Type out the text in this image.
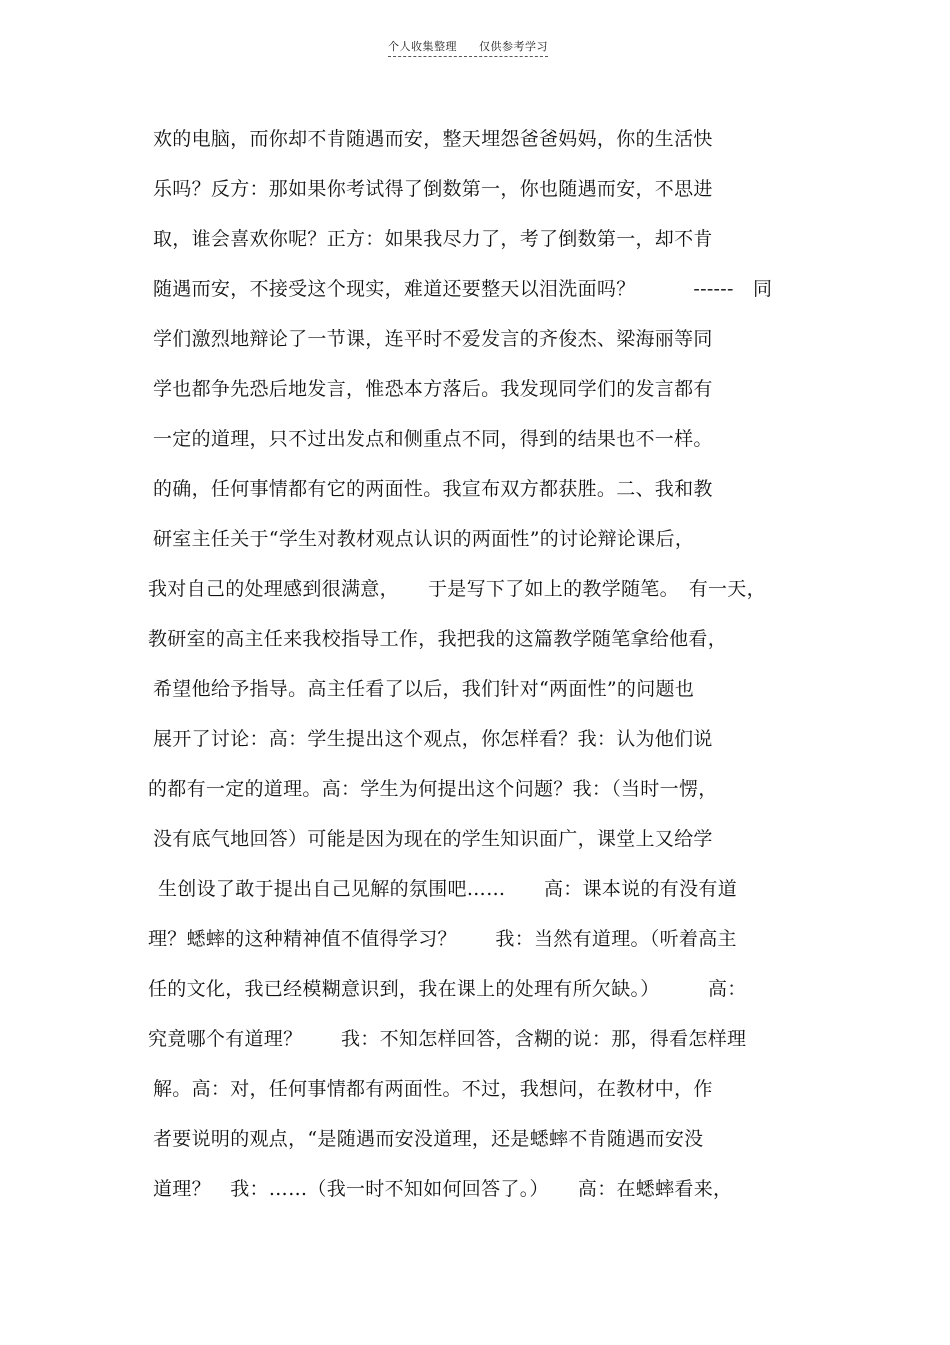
个人收集整理 仅供参考学习
欢的电脑，而你却不肯随遇而安，整天埋怨爸爸妈妈，你的生活快
乐吗？反方：那如果你考试得了倒数第一，你也随遇而安，不思进
取，谁会喜欢你呢？正方：如果我尽力了，考了倒数第一，却不肯
随遇而安，不接受这个现实，难道还要整天以泪洗面吗？　　　------　同
学们激烈地辩论了一节课，连平时不爱发言的齐俊杰、梁海丽等同
学也都争先恐后地发言，惟恐本方落后。我发现同学们的发言都有
一定的道理，只不过出发点和侧重点不同，得到的结果也不一样。
的确，任何事情都有它的两面性。我宣布双方都获胜。二、我和教
研室主任关于“学生对教材观点认识的两面性”的讨论辩论课后，
我对自己的处理感到很满意，　　于是写下了如上的教学随笔。　有一天，
教研室的高主任来我校指导工作，我把我的这篇教学随笔拿给他看，
希望他给予指导。高主任看了以后，我们针对“两面性”的问题也
展开了讨论：高：学生提出这个观点，你怎样看？我：认为他们说
的都有一定的道理。高：学生为何提出这个问题？我：（当时一愣，
没有底气地回答）可能是因为现在的学生知识面广，课堂上又给学
生创设了敢于提出自己见解的氛围吧……　　高：课本说的有没有道
理？蟋蟀的这种精神值不值得学习？　　我：当然有道理。（听着高主
任的文化，我已经模糊意识到，我在课上的处理有所欠缺。）　　　高：
究竟哪个有道理？　　我：不知怎样回答，含糊的说：那，得看怎样理
解。高：对，任何事情都有两面性。不过，我想问，在教材中，作
者要说明的观点，“是随遇而安没道理，还是蟋蟀不肯随遇而安没
道理？　我：……（我一时不知如何回答了。）　　高：在蟋蟀看来，
